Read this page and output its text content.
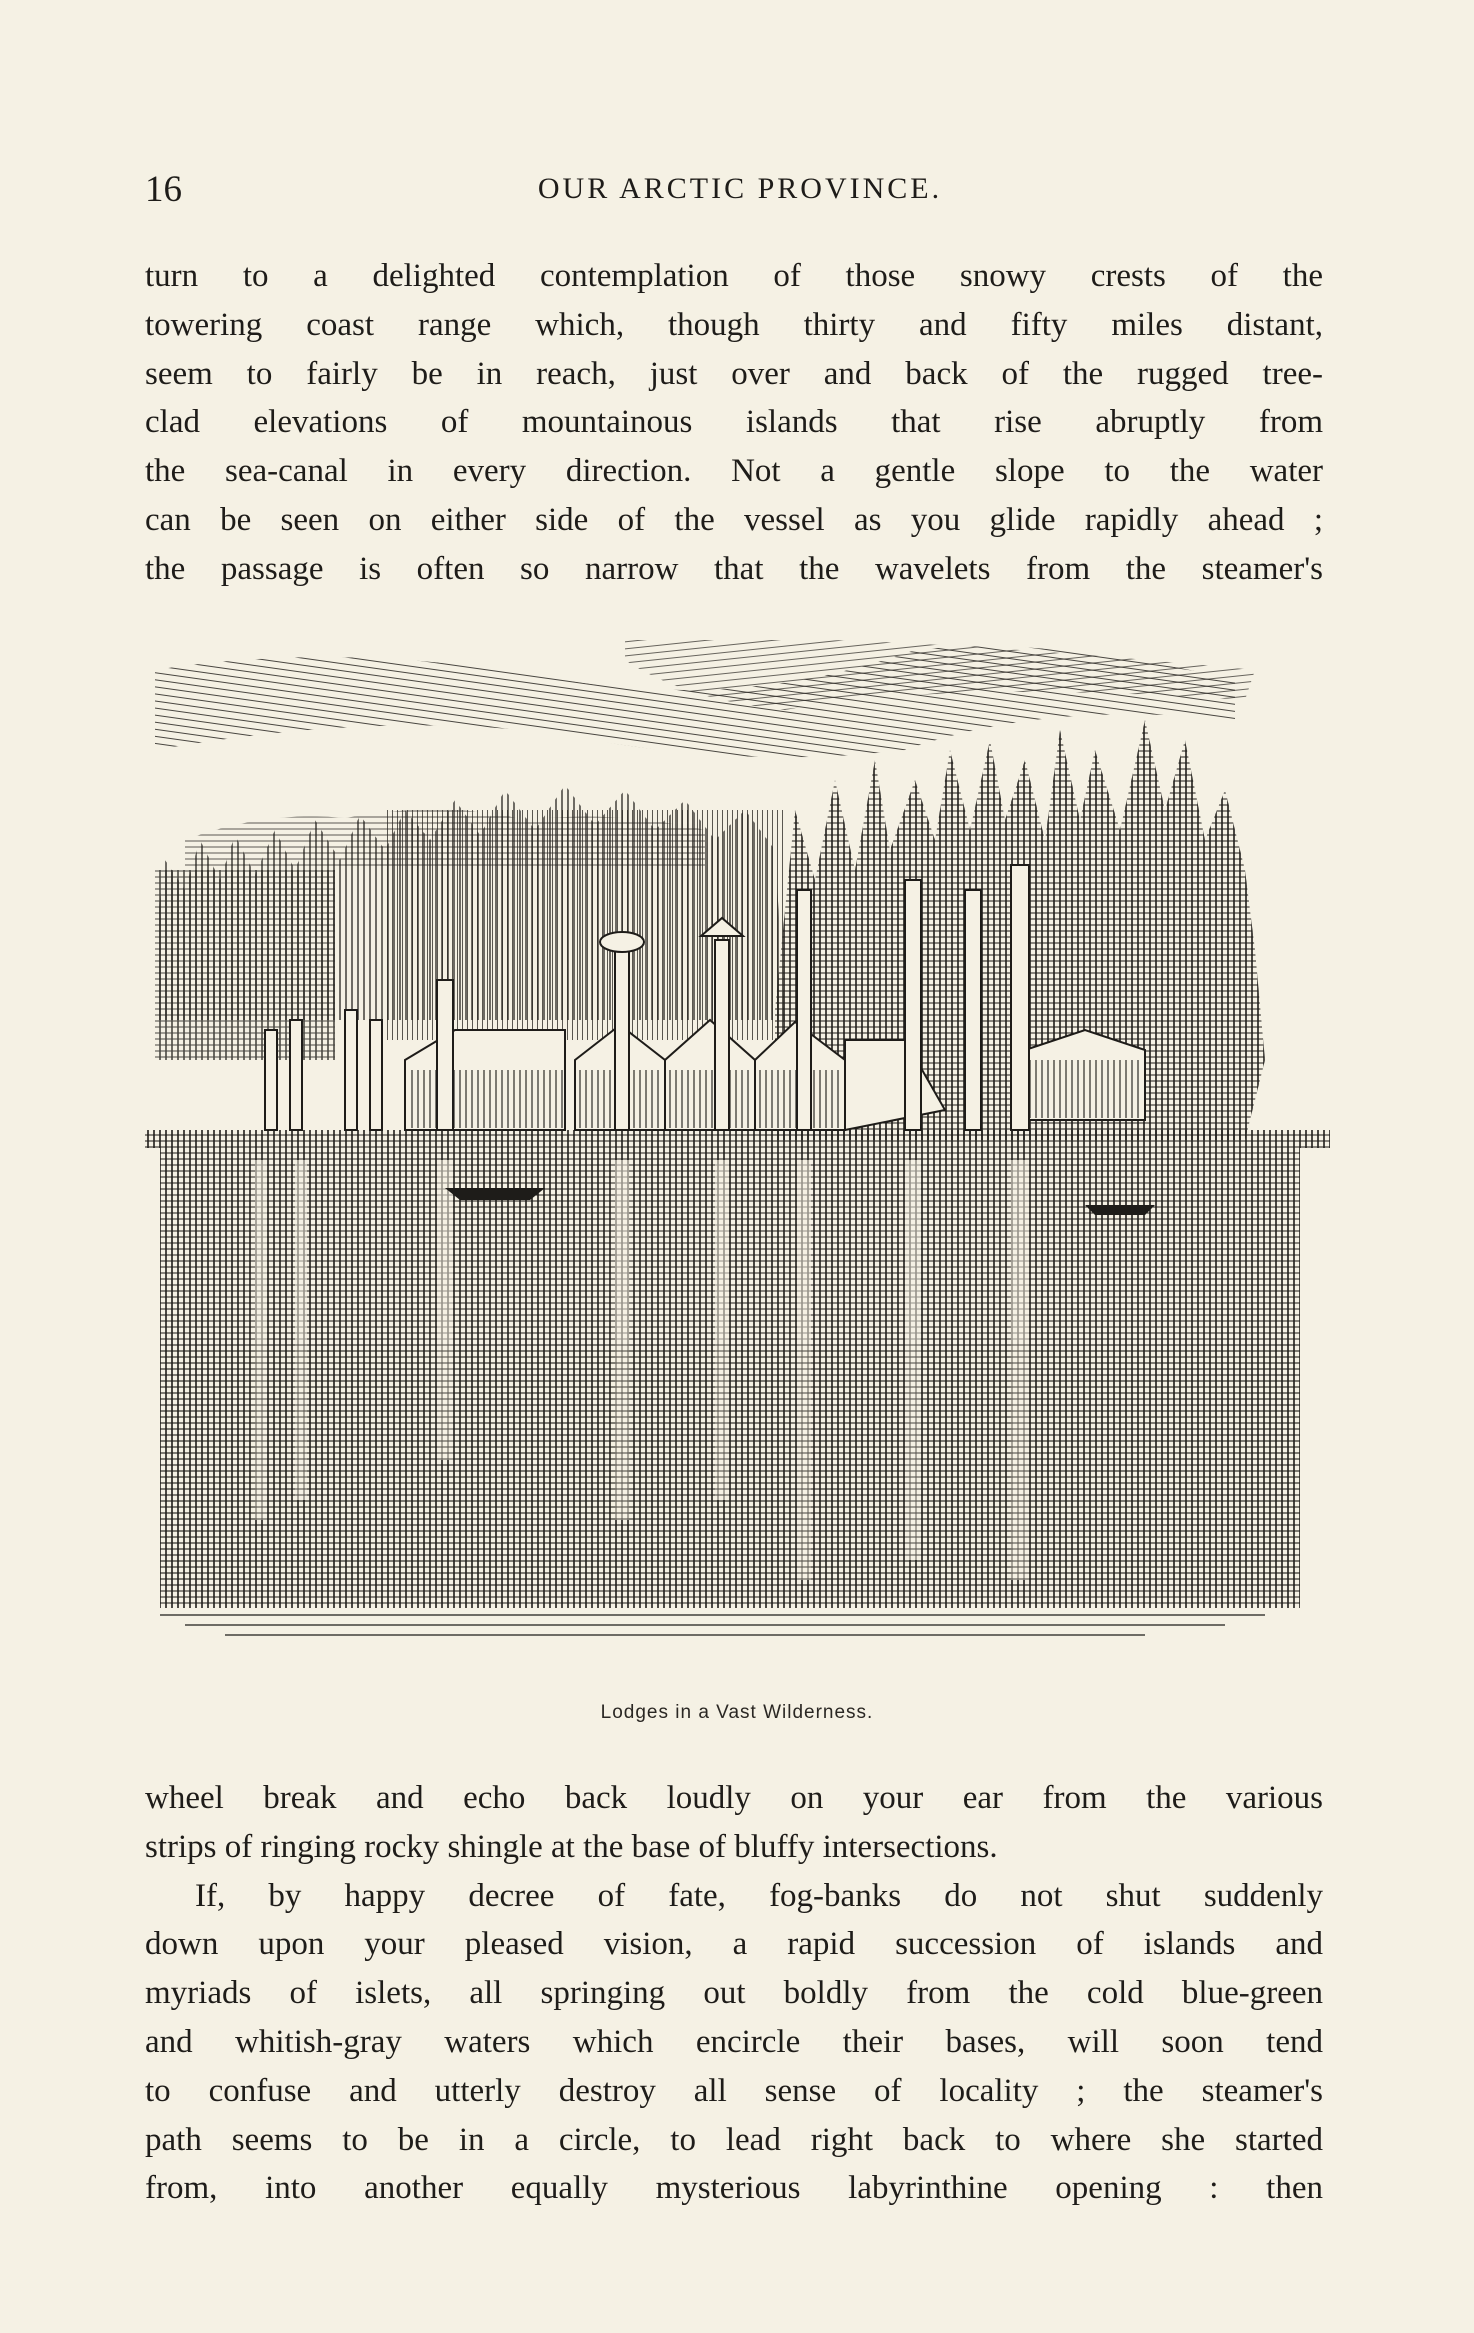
16	OUR ARCTIC PROVINCE.
turn to a delighted contemplation of those snowy crests of the
towering coast range which, though thirty and fifty miles distant,
seem to fairly be in reach, just over and back of the rugged tree-
clad elevations of mountainous islands that rise abruptly from
the sea-canal in every direction. Not a gentle slope to the water
can be seen on either side of the vessel as you glide rapidly ahead ;
the passage is often so narrow that the wavelets from the steamer's
Lodges in a Vast Wilderness.
wheel break and echo back loudly on your ear from the various
strips of ringing rocky shingle at the base of bluffy intersections.
If, by happy decree of fate, fog-banks do not shut suddenly
down upon your pleased vision, a rapid succession of islands and
myriads of islets, all springing out boldly from the cold blue-green
and whitish-gray waters which encircle their bases, will soon tend
to confuse and utterly destroy all sense of locality ; the steamer's
path seems to be in a circle, to lead right back to where she started
from, into another equally mysterious labyrinthine opening : then
